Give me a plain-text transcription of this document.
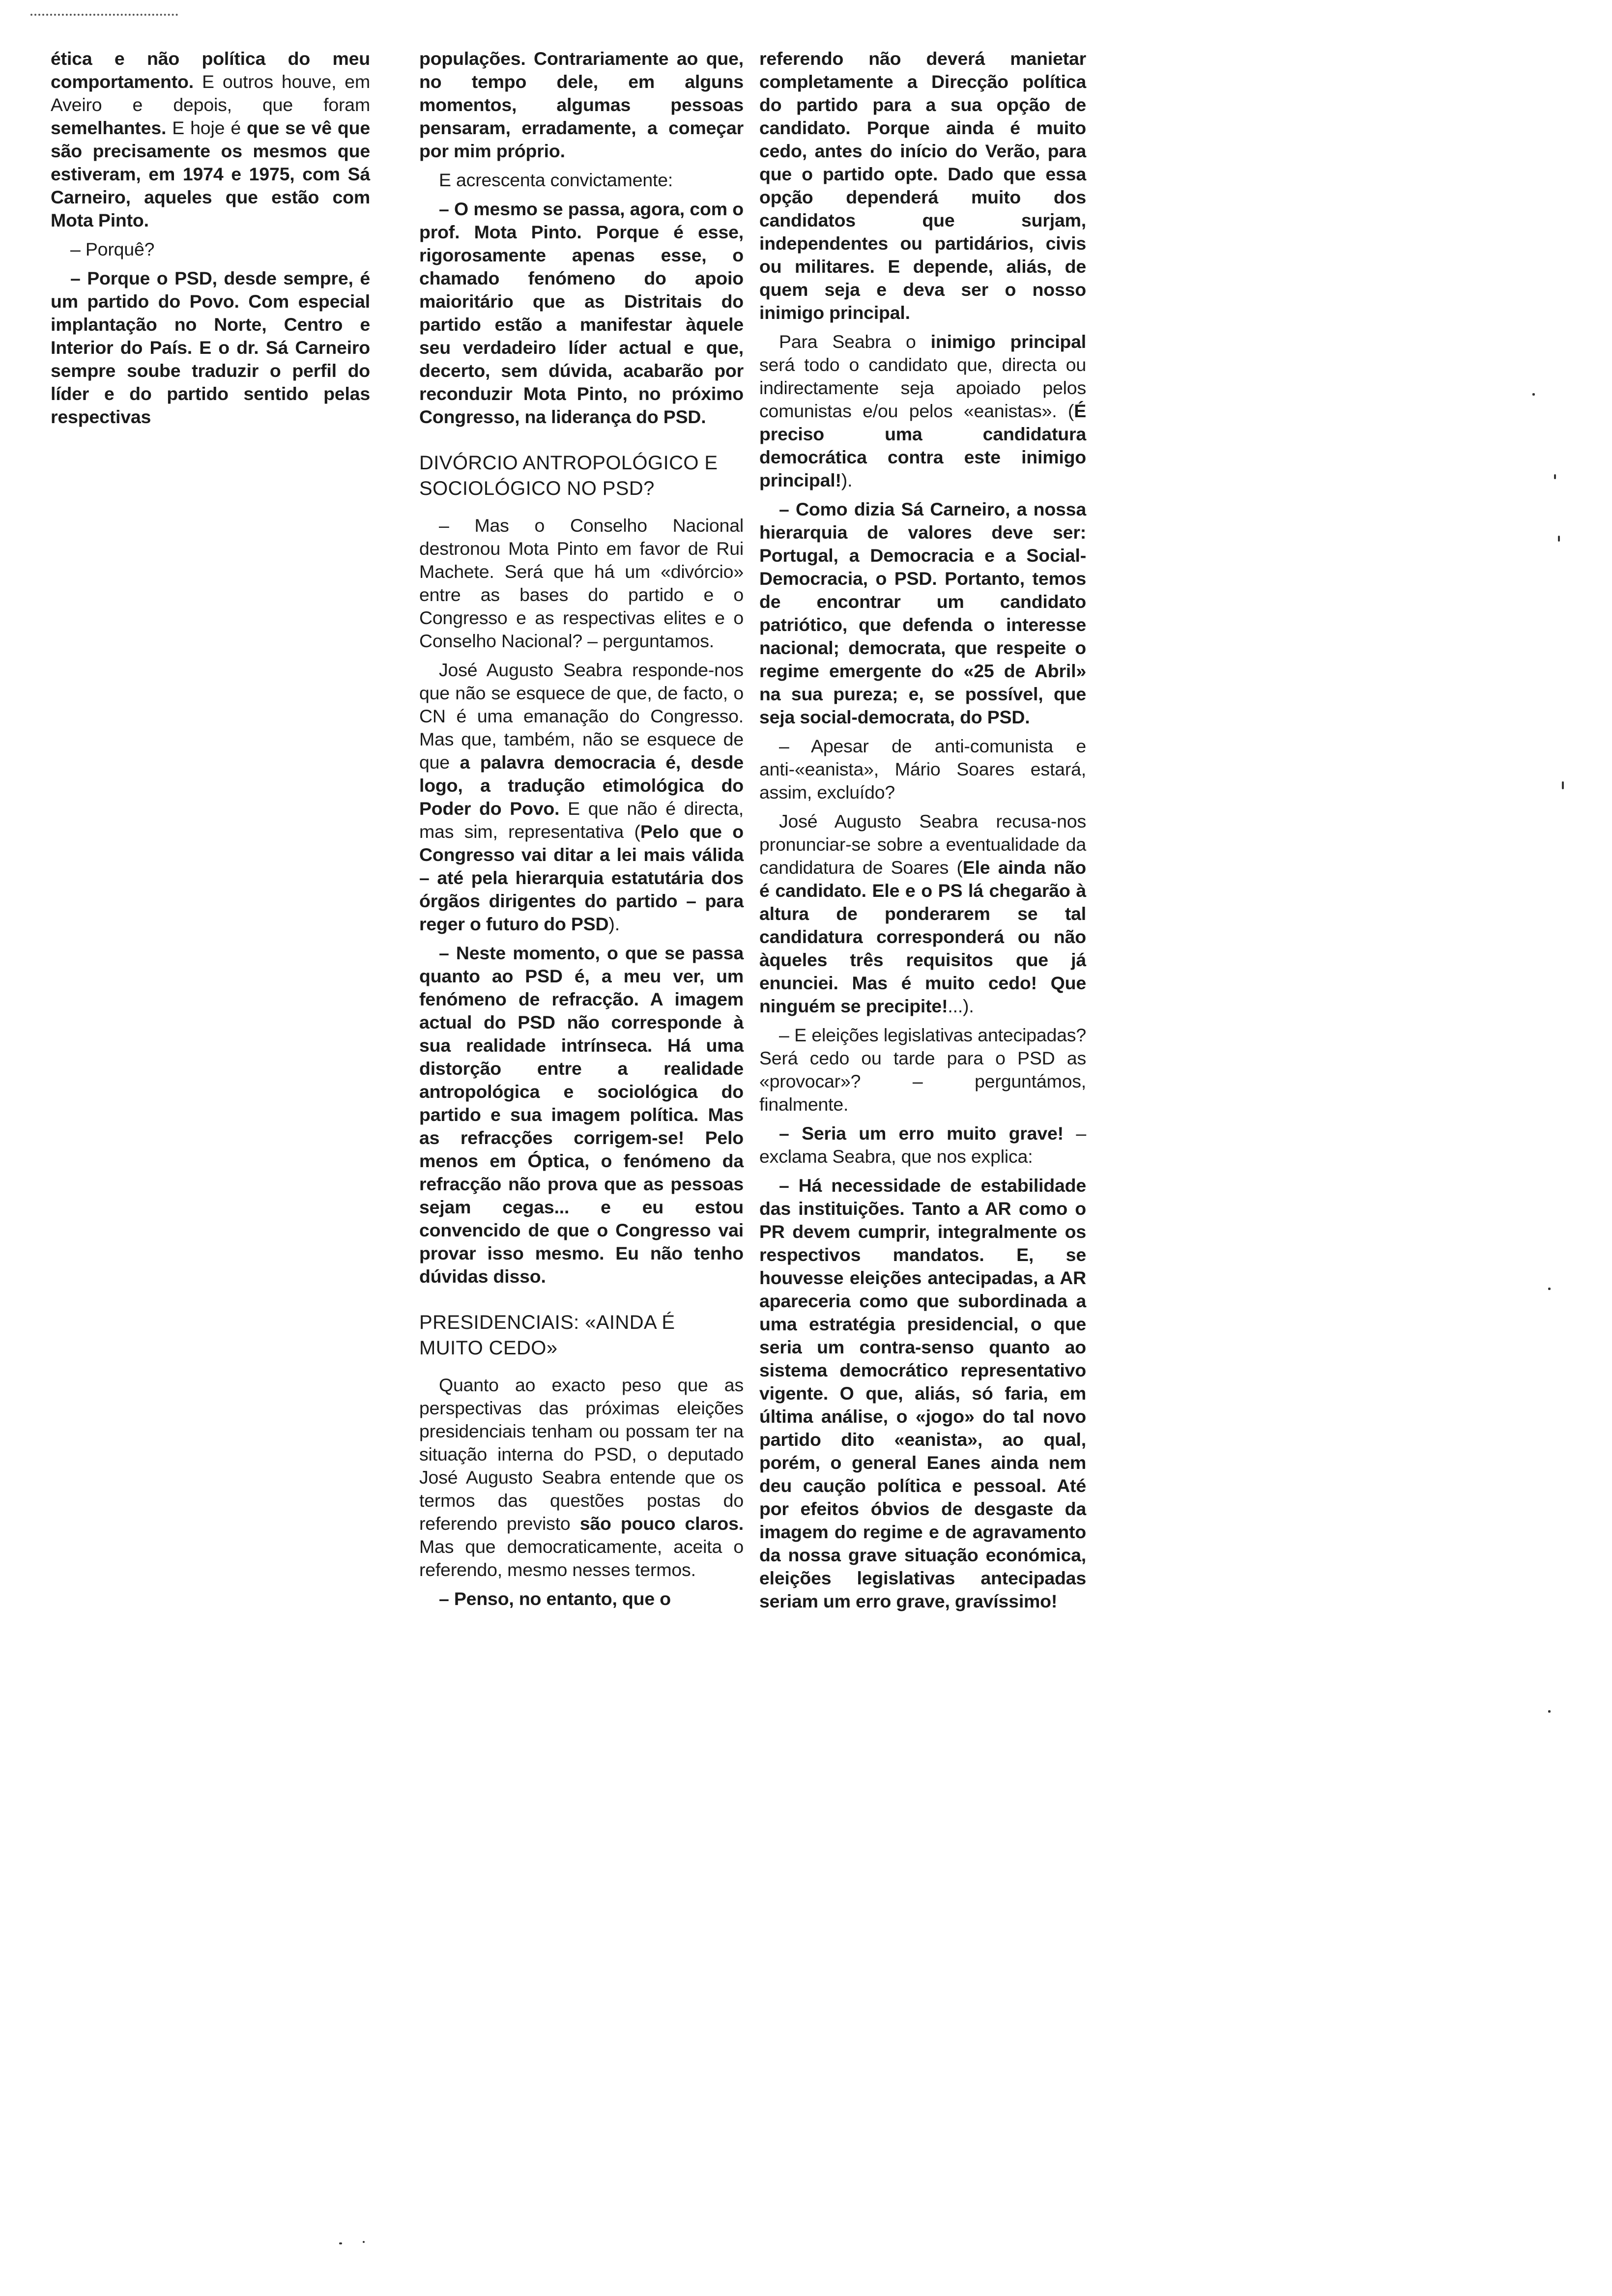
ética e não política do meu comportamento. E outros houve, em Aveiro e depois, que foram semelhantes. E hoje é que se vê que são precisamente os mesmos que estiveram, em 1974 e 1975, com Sá Carneiro, aqueles que estão com Mota Pinto.

– Porquê?

– Porque o PSD, desde sempre, é um partido do Povo. Com especial implantação no Norte, Centro e Interior do País. E o dr. Sá Carneiro sempre soube traduzir o perfil do líder e do partido sentido pelas respectivas

populações. Contrariamente ao que, no tempo dele, em alguns momentos, algumas pessoas pensaram, erradamente, a começar por mim próprio.

E acrescenta convictamente:

– O mesmo se passa, agora, com o prof. Mota Pinto. Porque é esse, rigorosamente apenas esse, o chamado fenómeno do apoio maioritário que as Distritais do partido estão a manifestar àquele seu verdadeiro líder actual e que, decerto, sem dúvida, acabarão por reconduzir Mota Pinto, no próximo Congresso, na liderança do PSD.

DIVÓRCIO ANTROPOLÓGICO E SOCIOLÓGICO NO PSD?

– Mas o Conselho Nacional destronou Mota Pinto em favor de Rui Machete. Será que há um «divórcio» entre as bases do partido e o Congresso e as respectivas elites e o Conselho Nacional? – perguntamos.

José Augusto Seabra responde-nos que não se esquece de que, de facto, o CN é uma emanação do Congresso. Mas que, também, não se esquece de que a palavra democracia é, desde logo, a tradução etimológica do Poder do Povo. E que não é directa, mas sim, representativa (Pelo que o Congresso vai ditar a lei mais válida – até pela hierarquia estatutária dos órgãos dirigentes do partido – para reger o futuro do PSD).

– Neste momento, o que se passa quanto ao PSD é, a meu ver, um fenómeno de refracção. A imagem actual do PSD não corresponde à sua realidade intrínseca. Há uma distorção entre a realidade antropológica e sociológica do partido e sua imagem política. Mas as refracções corrigem-se! Pelo menos em Óptica, o fenómeno da refracção não prova que as pessoas sejam cegas... e eu estou convencido de que o Congresso vai provar isso mesmo. Eu não tenho dúvidas disso.

PRESIDENCIAIS: «AINDA É MUITO CEDO»

Quanto ao exacto peso que as perspectivas das próximas eleições presidenciais tenham ou possam ter na situação interna do PSD, o deputado José Augusto Seabra entende que os termos das questões postas do referendo previsto são pouco claros. Mas que democraticamente, aceita o referendo, mesmo nesses termos.

– Penso, no entanto, que o

referendo não deverá manietar completamente a Direcção política do partido para a sua opção de candidato. Porque ainda é muito cedo, antes do início do Verão, para que o partido opte. Dado que essa opção dependerá muito dos candidatos que surjam, independentes ou partidários, civis ou militares. E depende, aliás, de quem seja e deva ser o nosso inimigo principal.

Para Seabra o inimigo principal será todo o candidato que, directa ou indirectamente seja apoiado pelos comunistas e/ou pelos «eanistas». (É preciso uma candidatura democrática contra este inimigo principal!).

– Como dizia Sá Carneiro, a nossa hierarquia de valores deve ser: Portugal, a Democracia e a Social-Democracia, o PSD. Portanto, temos de encontrar um candidato patriótico, que defenda o interesse nacional; democrata, que respeite o regime emergente do «25 de Abril» na sua pureza; e, se possível, que seja social-democrata, do PSD.

– Apesar de anti-comunista e anti-«eanista», Mário Soares estará, assim, excluído?

José Augusto Seabra recusa-nos pronunciar-se sobre a eventualidade da candidatura de Soares (Ele ainda não é candidato. Ele e o PS lá chegarão à altura de ponderarem se tal candidatura corresponderá ou não àqueles três requisitos que já enunciei. Mas é muito cedo! Que ninguém se precipite!...).

– E eleições legislativas antecipadas? Será cedo ou tarde para o PSD as «provocar»? – perguntámos, finalmente.

– Seria um erro muito grave! – exclama Seabra, que nos explica:

– Há necessidade de estabilidade das instituições. Tanto a AR como o PR devem cumprir, integralmente os respectivos mandatos. E, se houvesse eleições antecipadas, a AR apareceria como que subordinada a uma estratégia presidencial, o que seria um contra-senso quanto ao sistema democrático representativo vigente. O que, aliás, só faria, em última análise, o «jogo» do tal novo partido dito «eanista», ao qual, porém, o general Eanes ainda nem deu caução política e pessoal. Até por efeitos óbvios de desgaste da imagem do regime e de agravamento da nossa grave situação económica, eleições legislativas antecipadas seriam um erro grave, gravíssimo!
